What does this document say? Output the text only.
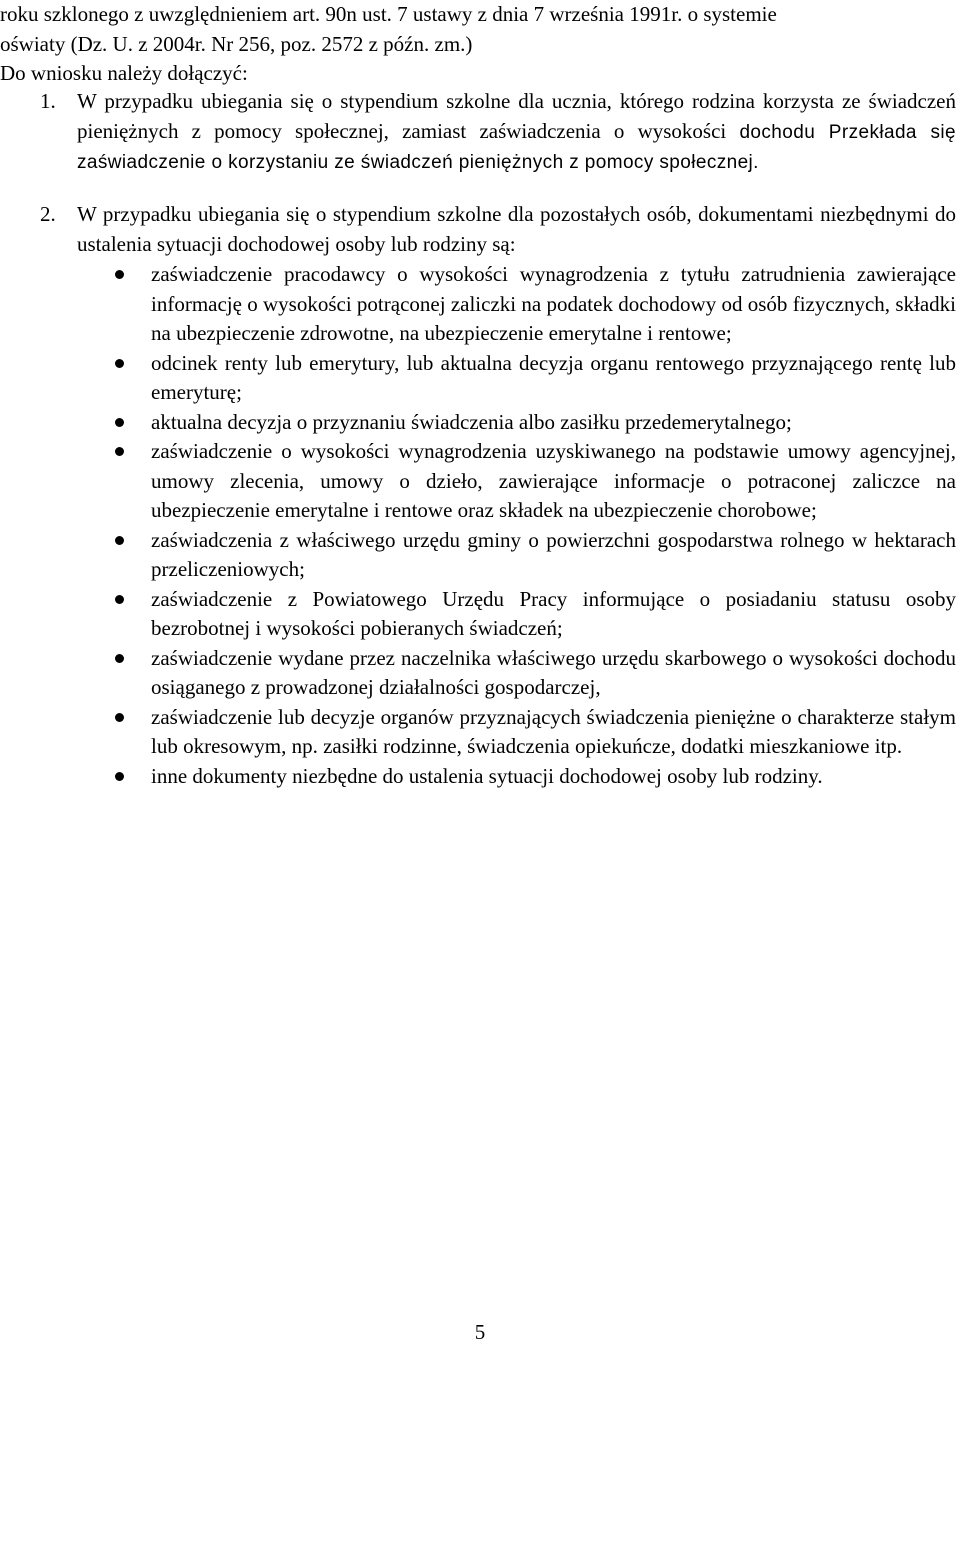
roku szklonego z uwzględnieniem art. 90n ust. 7 ustawy z dnia 7 września 1991r. o systemie
oświaty (Dz. U. z 2004r. Nr 256, poz. 2572 z późn. zm.)
Do wniosku należy dołączyć:
1. W przypadku ubiegania się o stypendium szkolne dla ucznia, którego rodzina korzysta ze świadczeń pieniężnych z pomocy społecznej, zamiast zaświadczenia o wysokości dochodu Przekłada się zaświadczenie o korzystaniu ze świadczeń pieniężnych z pomocy społecznej.
2. W przypadku ubiegania się o stypendium szkolne dla pozostałych osób, dokumentami niezbędnymi do ustalenia sytuacji dochodowej osoby lub rodziny są:
zaświadczenie pracodawcy o wysokości wynagrodzenia z tytułu zatrudnienia zawierające informację o wysokości potrąconej zaliczki na podatek dochodowy od osób fizycznych, składki na ubezpieczenie zdrowotne, na ubezpieczenie emerytalne i rentowe;
odcinek renty lub emerytury, lub aktualna decyzja organu rentowego przyznającego rentę lub emeryturę;
aktualna decyzja o przyznaniu świadczenia albo zasiłku przedemerytalnego;
zaświadczenie o wysokości wynagrodzenia uzyskiwanego na podstawie umowy agencyjnej, umowy zlecenia, umowy o dzieło, zawierające informacje o potraconej zaliczce na ubezpieczenie emerytalne i rentowe oraz składek na ubezpieczenie chorobowe;
zaświadczenia z właściwego urzędu gminy o powierzchni gospodarstwa rolnego w hektarach przeliczeniowych;
zaświadczenie z Powiatowego Urzędu Pracy informujące o posiadaniu statusu osoby bezrobotnej i wysokości pobieranych świadczeń;
zaświadczenie wydane przez naczelnika właściwego urzędu skarbowego o wysokości dochodu osiąganego z prowadzonej działalności gospodarczej,
zaświadczenie lub decyzje organów przyznających świadczenia pieniężne o charakterze stałym lub okresowym, np. zasiłki rodzinne, świadczenia opiekuńcze, dodatki mieszkaniowe itp.
inne dokumenty niezbędne do ustalenia sytuacji dochodowej osoby lub rodziny.
5
